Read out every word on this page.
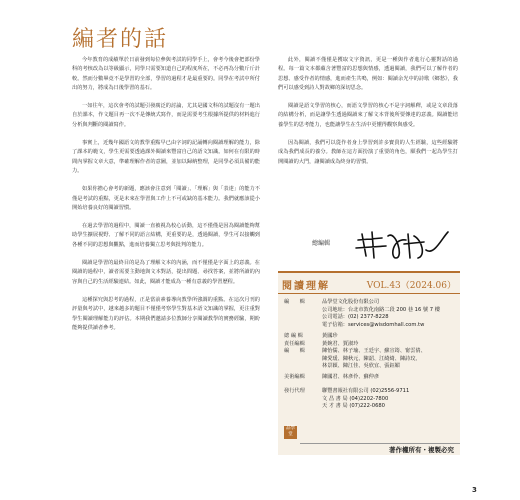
編者的話

今年教育的成績單於日前發到每位參與考試的同學手上，會考今後會把部份學科的考核改為以等級顯示，同學只需要知道自己的程度所在，不必再為分數斤斤計較。然而分數畢竟不是學習的全部，學習的過程才是最重要的。同學在考試中所付出的努力，將成為日後學習的基石。

一如往年，這次會考的試題引發廣泛的討論，尤其是國文科的試題沒有一題出自於課本，作文題目再一次不是傳統式寫作，而是需要考生根據所提供的材料進行分析與判斷的閱讀寫作。

事實上，近幾年國語文的教學重點早已由字詞的記誦轉向閱讀理解的能力，除了課本的範文，學生更需要透過課外閱讀來豐富自己的語文知識。如何在有限的時間內掌握文章大意，準確理解作者的意圖，並加以歸納整理，是同學必須具備的能力。

如果你擔心會考的新題，應該會注意到「閱讀」、「理解」與「表達」的能力不僅是考試的重點，更是未來在學習與工作上不可或缺的基本能力。我們就應該從小開始培養良好的閱讀習慣。

在過去學習的過程中，閱讀一直被視為校心活動，這不僅僅是因為閱讀能夠幫助學生擴展視野、了解不同的語言結構，更重要的是，透過閱讀，學生可以接觸到各種不同的思想與觀點，進而培養獨立思考與批判的能力。

閱讀是學習的最終目的是為了理解文本的內涵，而不僅僅是字面上的意義。在閱讀的過程中，讀者需要主動地與文本對話，提出問題、尋找答案，並將所讀的內容與自己的生活經驗連結。如此，閱讀才能成為一種有意義的學習歷程。

這種探究與思考的過程，正是當前素養導向教學所強調的重點。在這次月刊的評量與考試中，越來越多的題目不僅僅考察學生對基本語文知識的掌握，更注重對學生閱讀理解能力的評估。本期我們邀請多位教師分享閱讀教學的實務經驗，期盼能夠提供讀者參考。

此外，閱讀不僅僅是獲取文字資訊，更是一種與作者進行心靈對話的過程。每一篇文本都蘊含著豐富的思想與情感，透過閱讀，我們可以了解作者的思想、感受作者的情感，進而產生共鳴，例如：閱讀余光中的詩歌《鄉愁》，我們可以感受到詩人對故鄉的深切思念。

閱讀是語文學習的核心，而語文學習的核心不是字詞解釋，或是文章段落的結構分析，而是讓學生透過閱讀來了解文本背後所要傳達的意義。閱讀能培養學生的思考能力，也能讓學生在生活中更懂得觀察與感受。

因為閱讀，我們可以從作者身上學習到許多寶貴的人生經驗，這些經驗將成為我們成長的養分。教師在這方面扮演了重要的角色，願我們一起為學生打開閱讀的大門，讓閱讀成為終身的習慣。

總編輯
閱讀理解	VOL.43（2024.06）
編　　輯	品學堂文化股份有限公司
公司地址：台北市敦化南路二段 200 巷 16 號 7 樓
公司電話：(02) 2377-8228
電子信箱：services@wisdomhall.com.tw
總 編 輯	黃國珍
責任編輯	黃婉君、賈淑玲
編　　輯	陳怡儒、林子瑜、王廷宇、蘇宣筠、甯雲倩、
陳愛瑗、陳秋元、陳韶、江綺綺、陳詩玟、
林景穎、陳江佳、吳欣宜、張鈺媚
美術編輯	陳國君、林彥伶、蘇仲彥
發行代理	聯豐書報社有限公司 (02)2556-9711
文 昌 書 局 (04)2202-7800
天 才 書 局 (07)222-0680
品學堂
著作權所有・複製必究
3
